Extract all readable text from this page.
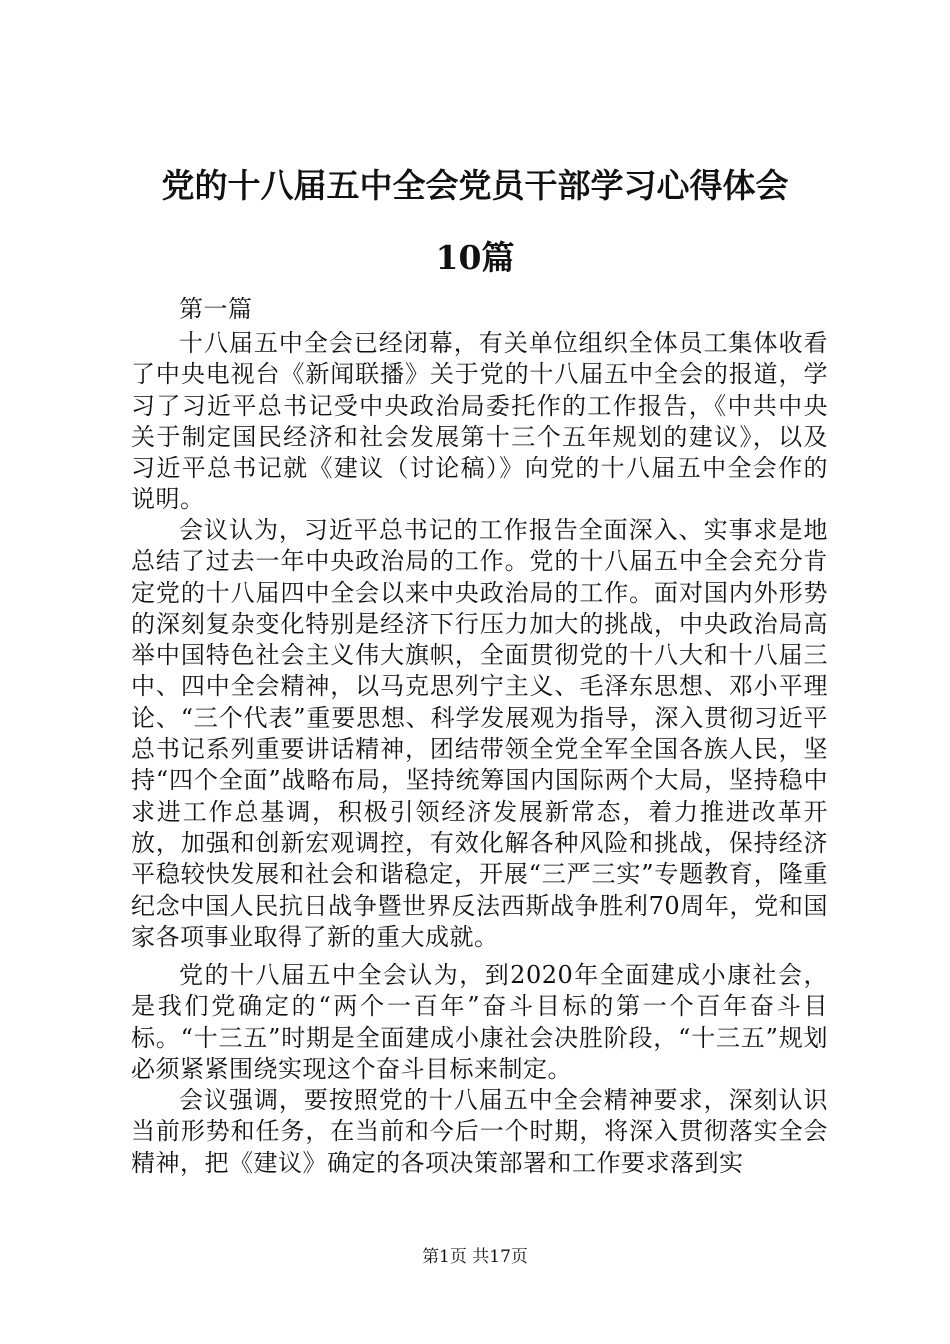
党的十八届五中全会党员干部学习心得体会
10篇

第一篇

十八届五中全会已经闭幕，有关单位组织全体员工集体收看了中央电视台《新闻联播》关于党的十八届五中全会的报道，学习了习近平总书记受中央政治局委托作的工作报告，《中共中央关于制定国民经济和社会发展第十三个五年规划的建议》，以及习近平总书记就《建议（讨论稿）》向党的十八届五中全会作的说明。

会议认为，习近平总书记的工作报告全面深入、实事求是地总结了过去一年中央政治局的工作。党的十八届五中全会充分肯定党的十八届四中全会以来中央政治局的工作。面对国内外形势的深刻复杂变化特别是经济下行压力加大的挑战，中央政治局高举中国特色社会主义伟大旗帜，全面贯彻党的十八大和十八届三中、四中全会精神，以马克思列宁主义、毛泽东思想、邓小平理论、“三个代表”重要思想、科学发展观为指导，深入贯彻习近平总书记系列重要讲话精神，团结带领全党全军全国各族人民，坚持“四个全面”战略布局，坚持统筹国内国际两个大局，坚持稳中求进工作总基调，积极引领经济发展新常态，着力推进改革开放，加强和创新宏观调控，有效化解各种风险和挑战，保持经济平稳较快发展和社会和谐稳定，开展“三严三实”专题教育，隆重纪念中国人民抗日战争暨世界反法西斯战争胜利70周年，党和国家各项事业取得了新的重大成就。

党的十八届五中全会认为，到2020年全面建成小康社会，是我们党确定的“两个一百年”奋斗目标的第一个百年奋斗目标。“十三五”时期是全面建成小康社会决胜阶段，“十三五”规划必须紧紧围绕实现这个奋斗目标来制定。

会议强调，要按照党的十八届五中全会精神要求，深刻认识当前形势和任务，在当前和今后一个时期，将深入贯彻落实全会精神，把《建议》确定的各项决策部署和工作要求落到实

第1页 共17页
